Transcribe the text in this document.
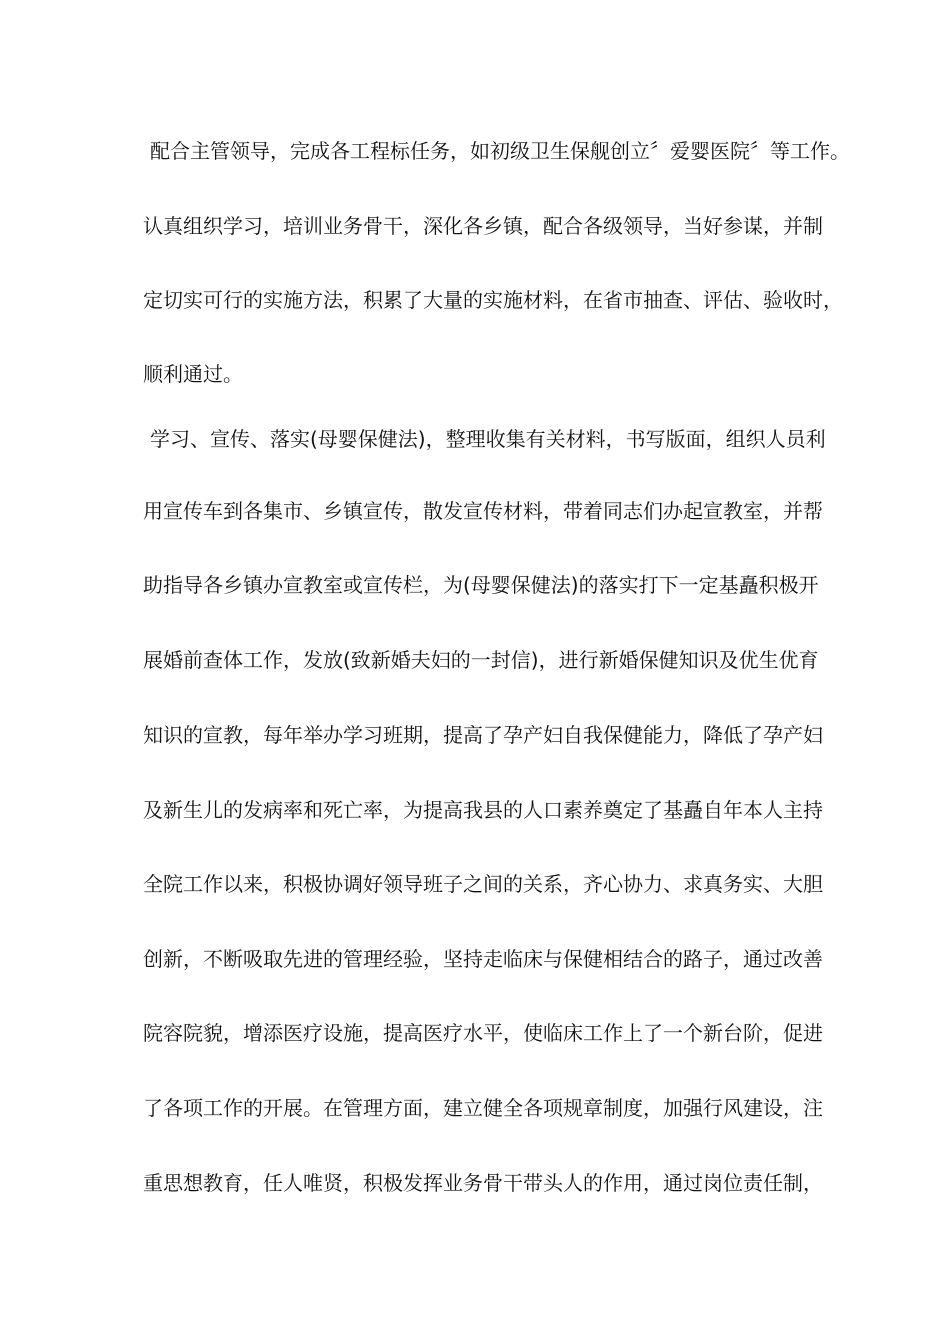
配合主管领导，完成各工程标任务，如初级卫生保舰创立〞爱婴医院〞等工作。
认真组织学习，培训业务骨干，深化各乡镇，配合各级领导，当好参谋，并制
定切实可行的实施方法，积累了大量的实施材料，在省市抽查、评估、验收时，
顺利通过。
学习、宣传、落实(母婴保健法)，整理收集有关材料，书写版面，组织人员利
用宣传车到各集市、乡镇宣传，散发宣传材料，带着同志们办起宣教室，并帮
助指导各乡镇办宣教室或宣传栏，为(母婴保健法)的落实打下一定基矗积极开
展婚前查体工作，发放(致新婚夫妇的一封信)，进行新婚保健知识及优生优育
知识的宣教，每年举办学习班期，提高了孕产妇自我保健能力，降低了孕产妇
及新生儿的发病率和死亡率，为提高我县的人口素养奠定了基矗自年本人主持
全院工作以来，积极协调好领导班子之间的关系，齐心协力、求真务实、大胆
创新，不断吸取先进的管理经验，坚持走临床与保健相结合的路子，通过改善
院容院貌，增添医疗设施，提高医疗水平，使临床工作上了一个新台阶，促进
了各项工作的开展。在管理方面，建立健全各项规章制度，加强行风建设，注
重思想教育，任人唯贤，积极发挥业务骨干带头人的作用，通过岗位责任制，
